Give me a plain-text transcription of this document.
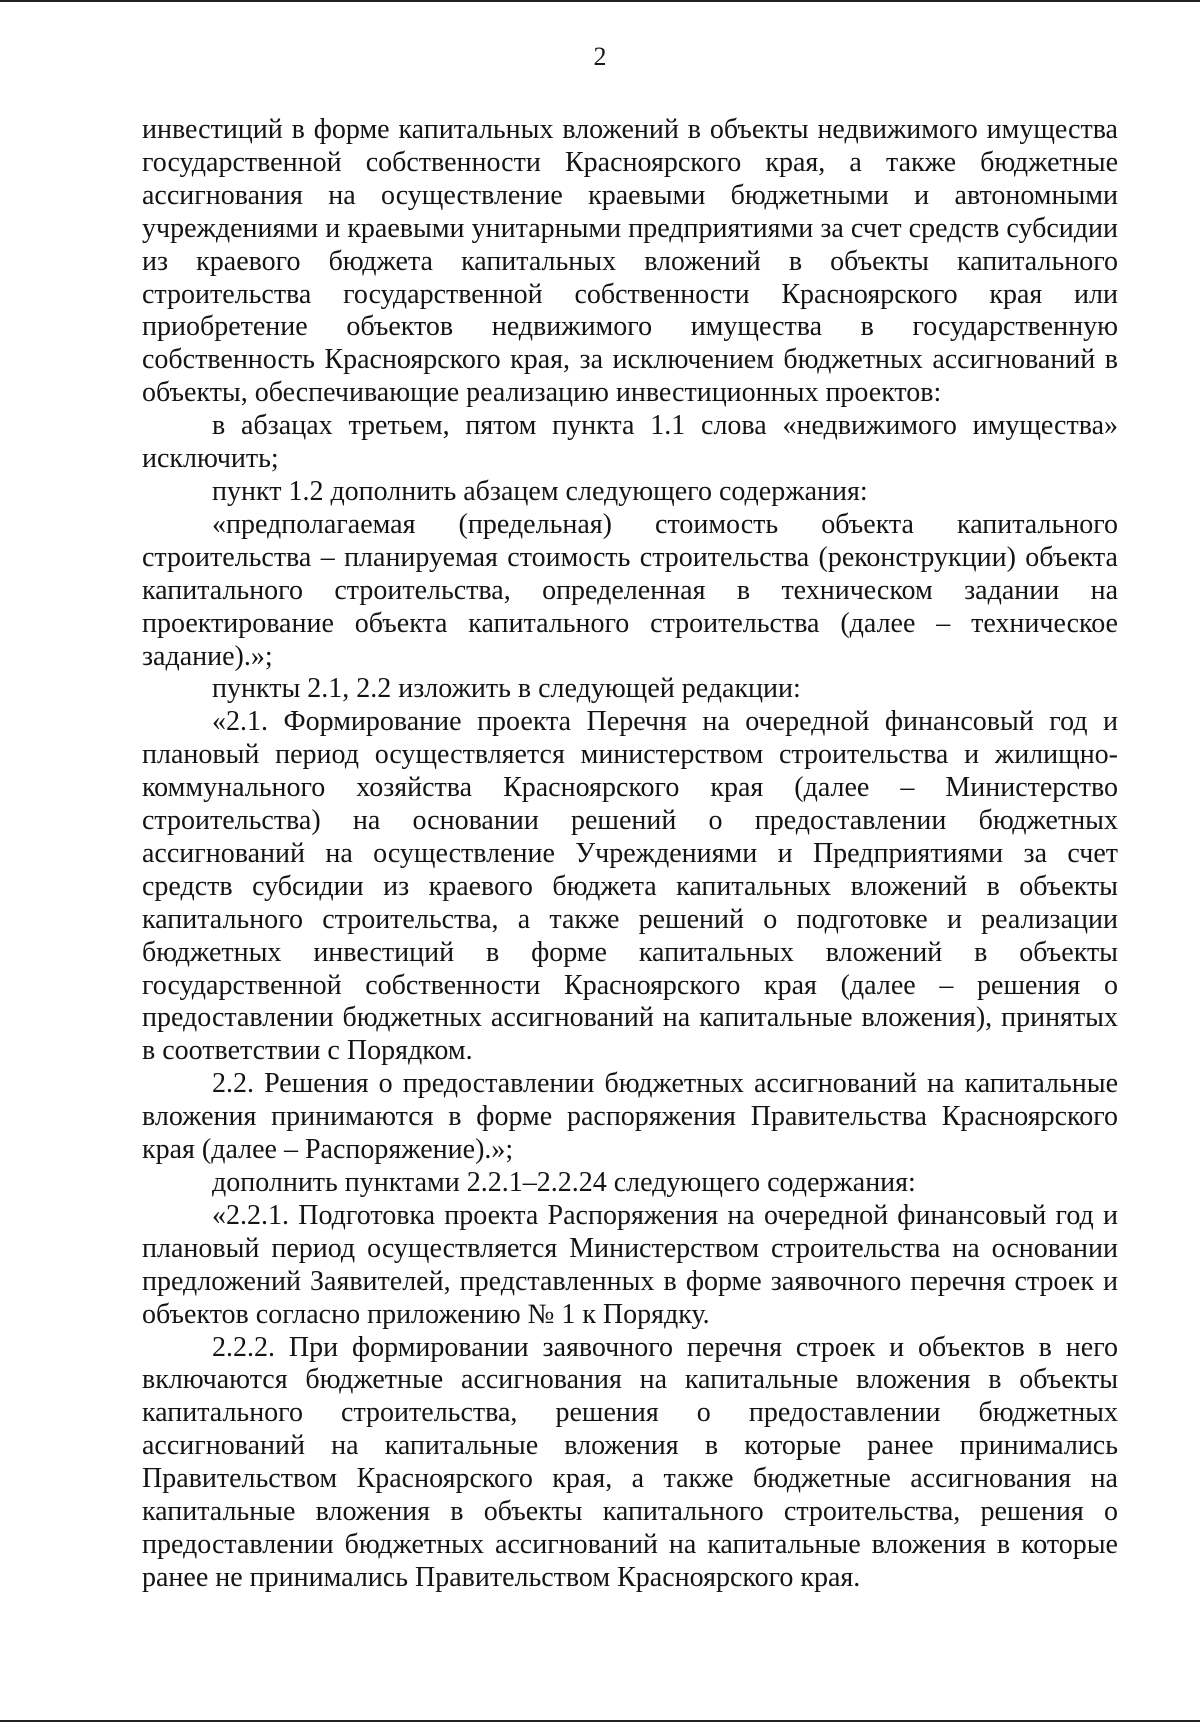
2

инвестиций в форме капитальных вложений в объекты недвижимого имущества государственной собственности Красноярского края, а также бюджетные ассигнования на осуществление краевыми бюджетными и автономными учреждениями и краевыми унитарными предприятиями за счет средств субсидии из краевого бюджета капитальных вложений в объекты капитального строительства государственной собственности Красноярского края или приобретение объектов недвижимого имущества в государственную собственность Красноярского края, за исключением бюджетных ассигнований в объекты, обеспечивающие реализацию инвестиционных проектов:

в абзацах третьем, пятом пункта 1.1 слова «недвижимого имущества» исключить;

пункт 1.2 дополнить абзацем следующего содержания:

«предполагаемая (предельная) стоимость объекта капитального строительства – планируемая стоимость строительства (реконструкции) объекта капитального строительства, определенная в техническом задании на проектирование объекта капитального строительства (далее – техническое задание).»;

пункты 2.1, 2.2 изложить в следующей редакции:

«2.1. Формирование проекта Перечня на очередной финансовый год и плановый период осуществляется министерством строительства и жилищно-коммунального хозяйства Красноярского края (далее – Министерство строительства) на основании решений о предоставлении бюджетных ассигнований на осуществление Учреждениями и Предприятиями за счет средств субсидии из краевого бюджета капитальных вложений в объекты капитального строительства, а также решений о подготовке и реализации бюджетных инвестиций в форме капитальных вложений в объекты государственной собственности Красноярского края (далее – решения о предоставлении бюджетных ассигнований на капитальные вложения), принятых в соответствии с Порядком.

2.2. Решения о предоставлении бюджетных ассигнований на капитальные вложения принимаются в форме распоряжения Правительства Красноярского края (далее – Распоряжение).»;

дополнить пунктами 2.2.1–2.2.24 следующего содержания:

«2.2.1. Подготовка проекта Распоряжения на очередной финансовый год и плановый период осуществляется Министерством строительства на основании предложений Заявителей, представленных в форме заявочного перечня строек и объектов согласно приложению № 1 к Порядку.

2.2.2. При формировании заявочного перечня строек и объектов в него включаются бюджетные ассигнования на капитальные вложения в объекты капитального строительства, решения о предоставлении бюджетных ассигнований на капитальные вложения в которые ранее принимались Правительством Красноярского края, а также бюджетные ассигнования на капитальные вложения в объекты капитального строительства, решения о предоставлении бюджетных ассигнований на капитальные вложения в которые ранее не принимались Правительством Красноярского края.
